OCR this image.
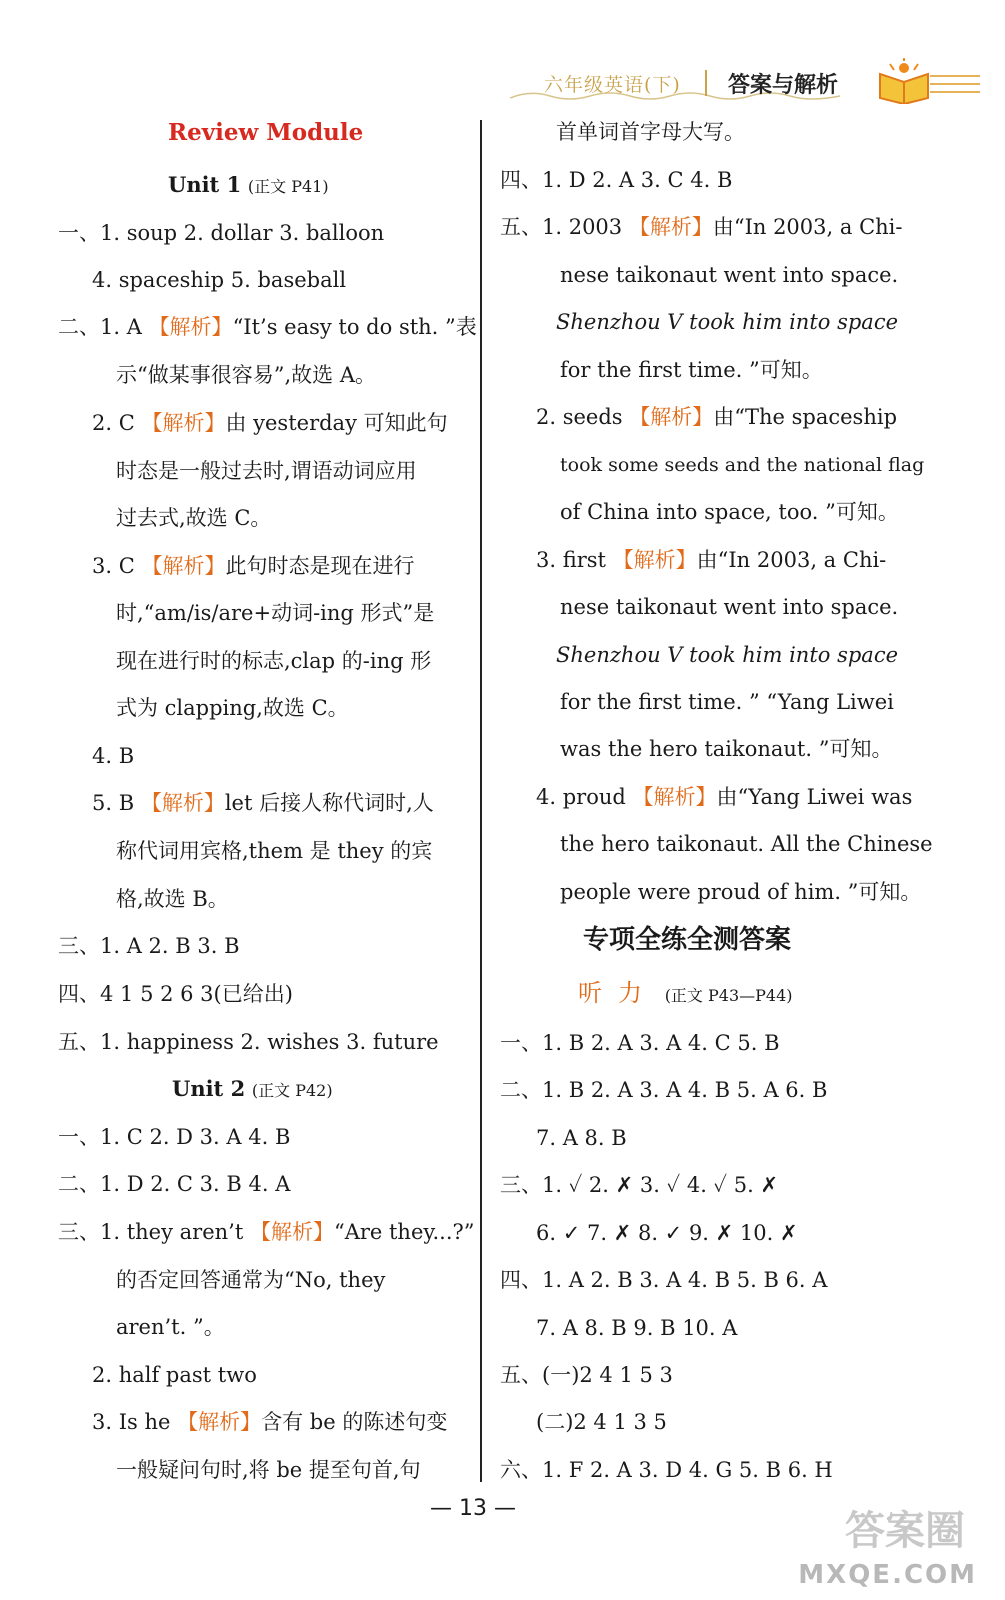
六年级英语(下) 答案与解析
Review Module
Unit 1 (正文 P41)
一、1. soup 2. dollar 3. balloon
4. spaceship 5. baseball
二、1. A 【解析】“It’s easy to do sth. ”表
示“做某事很容易”,故选 A。
2. C 【解析】由 yesterday 可知此句
时态是一般过去时,谓语动词应用
过去式,故选 C。
3. C 【解析】此句时态是现在进行
时,“am/is/are+动词-ing 形式”是
现在进行时的标志,clap 的-ing 形
式为 clapping,故选 C。
4. B
5. B 【解析】let 后接人称代词时,人
称代词用宾格,them 是 they 的宾
格,故选 B。
三、1. A 2. B 3. B
四、4 1 5 2 6 3(已给出)
五、1. happiness 2. wishes 3. future
Unit 2 (正文 P42)
一、1. C 2. D 3. A 4. B
二、1. D 2. C 3. B 4. A
三、1. they aren’t 【解析】“Are they...?”
的否定回答通常为“No, they
aren’t. ”。
2. half past two
3. Is he 【解析】含有 be 的陈述句变
一般疑问句时,将 be 提至句首,句
首单词首字母大写。
四、1. D 2. A 3. C 4. B
五、1. 2003 【解析】由“In 2003, a Chi-
nese taikonaut went into space.
Shenzhou V took him into space
for the first time. ”可知。
2. seeds 【解析】由“The spaceship
took some seeds and the national flag
of China into space, too. ”可知。
3. first 【解析】由“In 2003, a Chi-
nese taikonaut went into space.
Shenzhou V took him into space
for the first time. ” “Yang Liwei
was the hero taikonaut. ”可知。
4. proud 【解析】由“Yang Liwei was
the hero taikonaut. All the Chinese
people were proud of him. ”可知。
专项全练全测答案
听力 (正文 P43—P44)
一、1. B 2. A 3. A 4. C 5. B
二、1. B 2. A 3. A 4. B 5. A 6. B
7. A 8. B
三、1. ✓ 2. ✗ 3. ✓ 4. ✓ 5. ✗
6. ✓ 7. ✗ 8. ✓ 9. ✗ 10. ✗
四、1. A 2. B 3. A 4. B 5. B 6. A
7. A 8. B 9. B 10. A
五、(一)2 4 1 5 3
(二)2 4 1 3 5
六、1. F 2. A 3. D 4. G 5. B 6. H
— 13 —	答案圈
MXQE.COM
